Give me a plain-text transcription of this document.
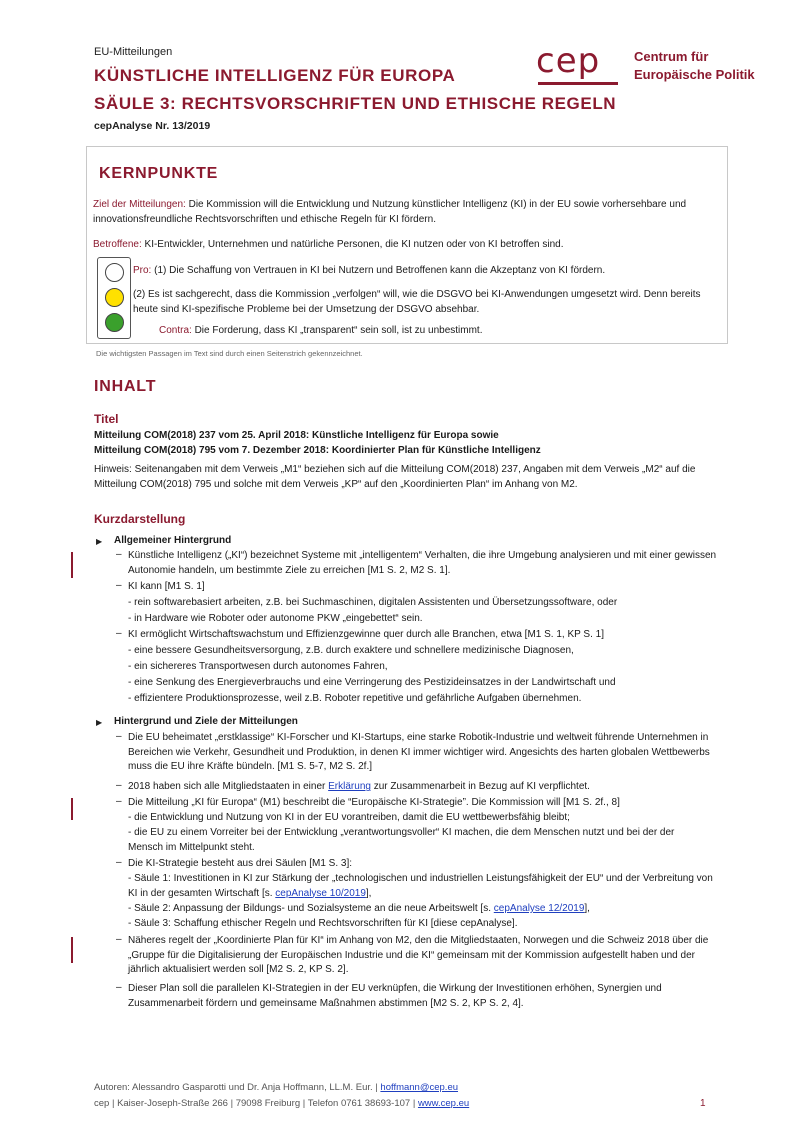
EU-Mitteilungen
KÜNSTLICHE INTELLIGENZ FÜR EUROPA
SÄULE 3: RECHTSVORSCHRIFTEN UND ETHISCHE REGELN
cepAnalyse Nr. 13/2019
cep	Centrum für
Europäische Politik
KERNPUNKTE
Ziel der Mitteilungen: Die Kommission will die Entwicklung und Nutzung künstlicher Intelligenz (KI) in der EU sowie vorhersehbare und innovationsfreundliche Rechtsvorschriften und ethische Regeln für KI fördern.
Betroffene: KI-Entwickler, Unternehmen und natürliche Personen, die KI nutzen oder von KI betroffen sind.
Pro: (1) Die Schaffung von Vertrauen in KI bei Nutzern und Betroffenen kann die Akzeptanz von KI fördern.
(2) Es ist sachgerecht, dass die Kommission „verfolgen“ will, wie die DSGVO bei KI-Anwendungen umgesetzt wird. Denn bereits heute sind KI-spezifische Probleme bei der Umsetzung der DSGVO absehbar.
Contra: Die Forderung, dass KI „transparent“ sein soll, ist zu unbestimmt.
Die wichtigsten Passagen im Text sind durch einen Seitenstrich gekennzeichnet.
INHALT
Titel
Mitteilung COM(2018) 237 vom 25. April 2018: Künstliche Intelligenz für Europa sowie
Mitteilung COM(2018) 795 vom 7. Dezember 2018: Koordinierter Plan für Künstliche Intelligenz
Hinweis: Seitenangaben mit dem Verweis „M1“ beziehen sich auf die Mitteilung COM(2018) 237, Angaben mit dem Verweis „M2“ auf die Mitteilung COM(2018) 795 und solche mit dem Verweis „KP“ auf den „Koordinierten Plan“ im Anhang von M2.
Kurzdarstellung
▶ Allgemeiner Hintergrund
– Künstliche Intelligenz („KI“) bezeichnet Systeme mit „intelligentem“ Verhalten, die ihre Umgebung analysieren und mit einer gewissen Autonomie handeln, um bestimmte Ziele zu erreichen [M1 S. 2, M2 S. 1].
– KI kann [M1 S. 1]
- rein softwarebasiert arbeiten, z.B. bei Suchmaschinen, digitalen Assistenten und Übersetzungssoftware, oder
- in Hardware wie Roboter oder autonome PKW „eingebettet“ sein.
– KI ermöglicht Wirtschaftswachstum und Effizienzgewinne quer durch alle Branchen, etwa [M1 S. 1, KP S. 1]
- eine bessere Gesundheitsversorgung, z.B. durch exaktere und schnellere medizinische Diagnosen,
- ein sichereres Transportwesen durch autonomes Fahren,
- eine Senkung des Energieverbrauchs und eine Verringerung des Pestizideinsatzes in der Landwirtschaft und
- effizientere Produktionsprozesse, weil z.B. Roboter repetitive und gefährliche Aufgaben übernehmen.
▶ Hintergrund und Ziele der Mitteilungen
– Die EU beheimatet „erstklassige“ KI-Forscher und KI-Startups, eine starke Robotik-Industrie und weltweit führende Unternehmen in Bereichen wie Verkehr, Gesundheit und Produktion, in denen KI immer wichtiger wird. Angesichts des harten globalen Wettbewerbs muss die EU ihre Kräfte bündeln. [M1 S. 5-7, M2 S. 2f.]
– 2018 haben sich alle Mitgliedstaaten in einer Erklärung zur Zusammenarbeit in Bezug auf KI verpflichtet.
– Die Mitteilung „KI für Europa“ (M1) beschreibt die “Europäische KI-Strategie”. Die Kommission will [M1 S. 2f., 8]
- die Entwicklung und Nutzung von KI in der EU vorantreiben, damit die EU wettbewerbsfähig bleibt;
- die EU zu einem Vorreiter bei der Entwicklung „verantwortungsvoller“ KI machen, die dem Menschen nutzt und bei der der Mensch im Mittelpunkt steht.
– Die KI-Strategie besteht aus drei Säulen [M1 S. 3]:
- Säule 1: Investitionen in KI zur Stärkung der „technologischen und industriellen Leistungsfähigkeit der EU“ und der Verbreitung von KI in der gesamten Wirtschaft [s. cepAnalyse 10/2019],
- Säule 2: Anpassung der Bildungs- und Sozialsysteme an die neue Arbeitswelt [s. cepAnalyse 12/2019],
- Säule 3: Schaffung ethischer Regeln und Rechtsvorschriften für KI [diese cepAnalyse].
– Näheres regelt der „Koordinierte Plan für KI“ im Anhang von M2, den die Mitgliedstaaten, Norwegen und die Schweiz 2018 über die „Gruppe für die Digitalisierung der Europäischen Industrie und die KI“ gemeinsam mit der Kommission aufgestellt haben und der jährlich aktualisiert werden soll [M2 S. 2, KP S. 2].
– Dieser Plan soll die parallelen KI-Strategien in der EU verknüpfen, die Wirkung der Investitionen erhöhen, Synergien und Zusammenarbeit fördern und gemeinsame Maßnahmen abstimmen [M2 S. 2, KP S. 2, 4].
Autoren: Alessandro Gasparotti und Dr. Anja Hoffmann, LL.M. Eur. | hoffmann@cep.eu
cep | Kaiser-Joseph-Straße 266 | 79098 Freiburg | Telefon 0761 38693-107 | www.cep.eu	1
